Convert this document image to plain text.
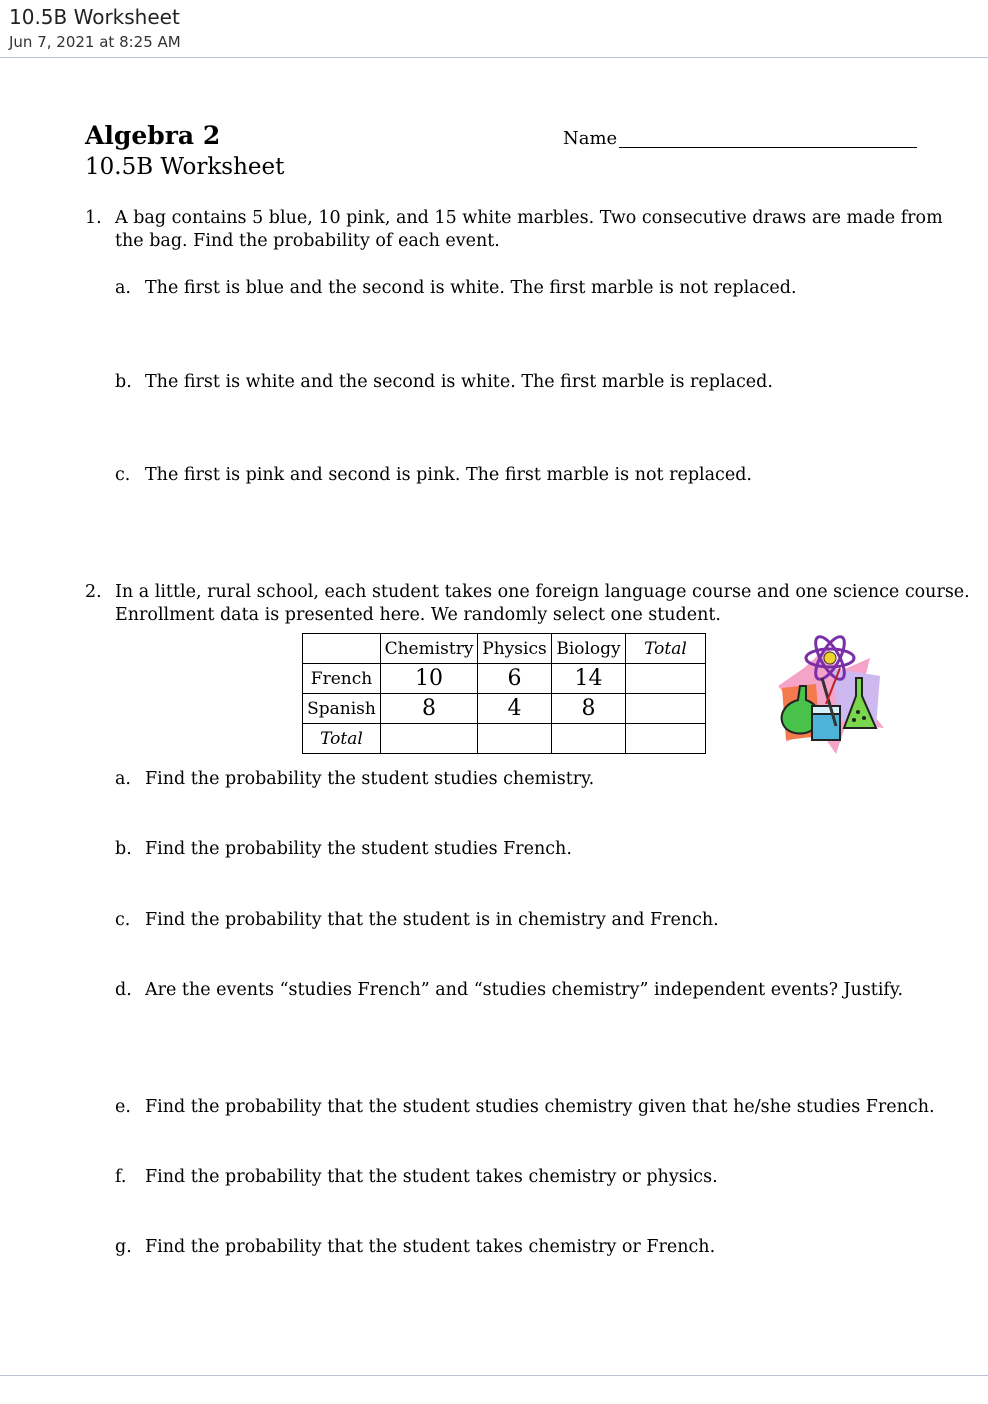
10.5B Worksheet
Jun 7, 2021 at 8:25 AM
Algebra 2
10.5B Worksheet
Name
1. A bag contains 5 blue, 10 pink, and 15 white marbles. Two consecutive draws are made from
the bag. Find the probability of each event.
a. The first is blue and the second is white. The first marble is not replaced.
b. The first is white and the second is white. The first marble is replaced.
c. The first is pink and second is pink. The first marble is not replaced.
2. In a little, rural school, each student takes one foreign language course and one science course.
Enrollment data is presented here. We randomly select one student.
	Chemistry	Physics	Biology	Total
French	10	6	14	
Spanish	8	4	8	
Total				
a. Find the probability the student studies chemistry.
b. Find the probability the student studies French.
c. Find the probability that the student is in chemistry and French.
d. Are the events “studies French” and “studies chemistry” independent events? Justify.
e. Find the probability that the student studies chemistry given that he/she studies French.
f. Find the probability that the student takes chemistry or physics.
g. Find the probability that the student takes chemistry or French.
